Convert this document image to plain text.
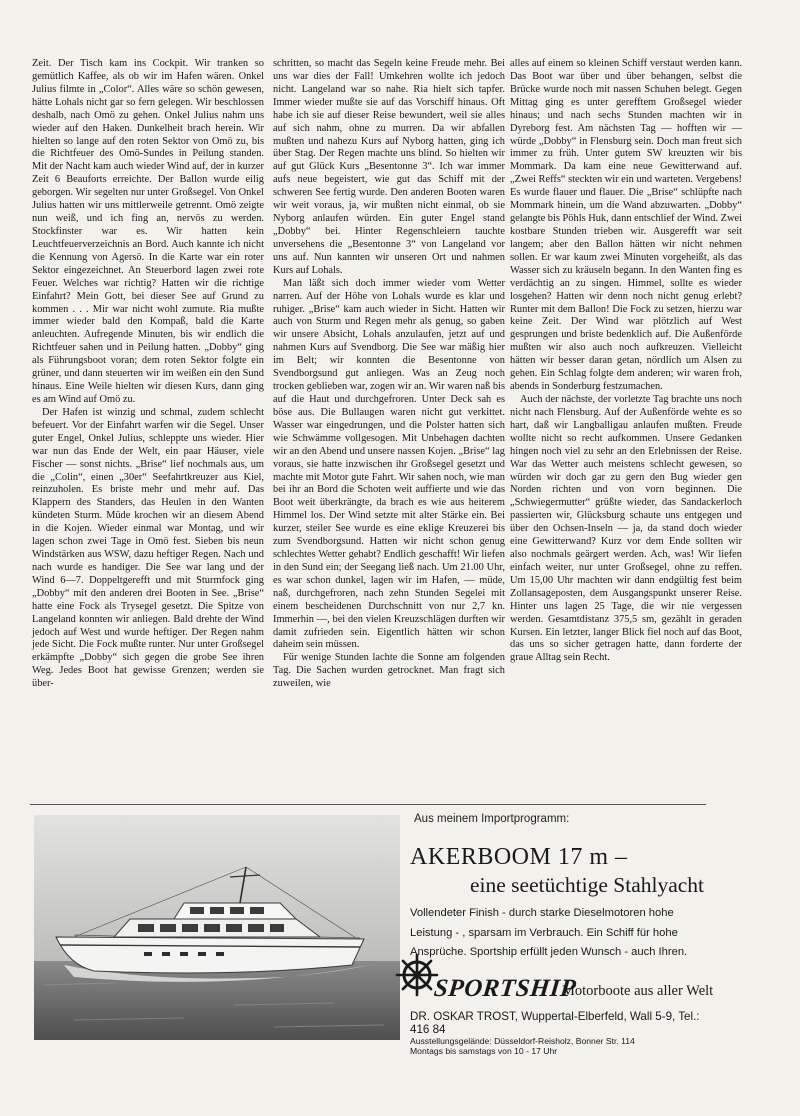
Zeit. Der Tisch kam ins Cockpit. Wir tranken so gemütlich Kaffee, als ob wir im Hafen wären. Onkel Julius filmte in „Color“. Alles wäre so schön gewesen, hätte Lohals nicht gar so fern gelegen. Wir beschlossen deshalb, nach Omö zu gehen. Onkel Julius nahm uns wieder auf den Haken. Dunkelheit brach herein. Wir hielten so lange auf den roten Sektor von Omö zu, bis die Richtfeuer des Omö-Sundes in Peilung standen. Mit der Nacht kam auch wieder Wind auf, der in kurzer Zeit 6 Beauforts erreichte. Der Ballon wurde eilig geborgen. Wir segelten nur unter Großsegel. Von Onkel Julius hatten wir uns mittlerweile getrennt. Omö zeigte nun weiß, und ich fing an, nervös zu werden. Stockfinster war es. Wir hatten kein Leuchtfeuerverzeichnis an Bord. Auch kannte ich nicht die Kennung von Agersö. In die Karte war ein roter Sektor eingezeichnet. An Steuerbord lagen zwei rote Feuer. Welches war richtig? Hatten wir die richtige Einfahrt? Mein Gott, bei dieser See auf Grund zu kommen . . . Mir war nicht wohl zumute. Ria mußte immer wieder bald den Kompaß, bald die Karte anleuchten. Aufregende Minuten, bis wir endlich die Richtfeuer sahen und in Peilung hatten. „Dobby“ ging als Führungsboot voran; dem roten Sektor folgte ein grüner, und dann steuerten wir im weißen ein den Sund hinaus. Eine Weile hielten wir diesen Kurs, dann ging es am Wind auf Omö zu.

Der Hafen ist winzig und schmal, zudem schlecht befeuert. Vor der Einfahrt warfen wir die Segel. Unser guter Engel, Onkel Julius, schleppte uns wieder. Hier war nun das Ende der Welt, ein paar Häuser, viele Fischer — sonst nichts. „Brise“ lief nochmals aus, um die „Colin“, einen „30er“ Seefahrtkreuzer aus Kiel, reinzuholen. Es briste mehr und mehr auf. Das Klappern des Standers, das Heulen in den Wanten kündeten Sturm. Müde krochen wir an diesem Abend in die Kojen. Wieder einmal war Montag, und wir lagen schon zwei Tage in Omö fest. Sieben bis neun Windstärken aus WSW, dazu heftiger Regen. Nach und nach wurde es handiger. Die See war lang und der Wind 6—7. Doppeltgerefft und mit Sturmfock ging „Dobby“ mit den anderen drei Booten in See. „Brise“ hatte eine Fock als Trysegel gesetzt. Die Spitze von Langeland konnten wir anliegen. Bald drehte der Wind jedoch auf West und wurde heftiger. Der Regen nahm jede Sicht. Die Fock mußte runter. Nur unter Großsegel erkämpfte „Dobby“ sich gegen die grobe See ihren Weg. Jedes Boot hat gewisse Grenzen; werden sie über-

schritten, so macht das Segeln keine Freude mehr. Bei uns war dies der Fall! Umkehren wollte ich jedoch nicht. Langeland war so nahe. Ria hielt sich tapfer. Immer wieder mußte sie auf das Vorschiff hinaus. Oft habe ich sie auf dieser Reise bewundert, weil sie alles auf sich nahm, ohne zu murren. Da wir abfallen mußten und nahezu Kurs auf Nyborg hatten, ging ich über Stag. Der Regen machte uns blind. So hielten wir auf gut Glück Kurs „Besentonne 3“. Ich war immer aufs neue begeistert, wie gut das Schiff mit der schweren See fertig wurde. Den anderen Booten waren wir weit voraus, ja, wir mußten nicht einmal, ob sie Nyborg anlaufen würden. Ein guter Engel stand „Dobby“ bei. Hinter Regenschleiern tauchte unversehens die „Besentonne 3“ von Langeland vor uns auf. Nun kannten wir unseren Ort und nahmen Kurs auf Lohals.

Man läßt sich doch immer wieder vom Wetter narren. Auf der Höhe von Lohals wurde es klar und ruhiger. „Brise“ kam auch wieder in Sicht. Hatten wir auch von Sturm und Regen mehr als genug, so gaben wir unsere Absicht, Lohals anzulaufen, jetzt auf und nahmen Kurs auf Svendborg. Die See war mäßig hier im Belt; wir konnten die Besentonne von Svendborgsund gut anliegen. Was an Zeug noch trocken geblieben war, zogen wir an. Wir waren naß bis auf die Haut und durchgefroren. Unter Deck sah es böse aus. Die Bullaugen waren nicht gut verkittet. Wasser war eingedrungen, und die Polster hatten sich wie Schwämme vollgesogen. Mit Unbehagen dachten wir an den Abend und unsere nassen Kojen. „Brise“ lag voraus, sie hatte inzwischen ihr Großsegel gesetzt und machte mit Motor gute Fahrt. Wir sahen noch, wie man bei ihr an Bord die Schoten weit auffierte und wie das Boot weit überkrängte, da brach es wie aus heiterem Himmel los. Der Wind setzte mit alter Stärke ein. Bei kurzer, steiler See wurde es eine eklige Kreuzerei bis zum Svendborgsund. Hatten wir nicht schon genug schlechtes Wetter gehabt? Endlich geschafft! Wir liefen in den Sund ein; der Seegang ließ nach. Um 21.00 Uhr, es war schon dunkel, lagen wir im Hafen, — müde, naß, durchgefroren, nach zehn Stunden Segelei mit einem bescheidenen Durchschnitt von nur 2,7 kn. Immerhin —, bei den vielen Kreuzschlägen durften wir damit zufrieden sein. Eigentlich hätten wir schon daheim sein müssen.

Für wenige Stunden lachte die Sonne am folgenden Tag. Die Sachen wurden getrocknet. Man fragt sich zuweilen, wie

alles auf einem so kleinen Schiff verstaut werden kann. Das Boot war über und über behangen, selbst die Brücke wurde noch mit nassen Schuhen belegt. Gegen Mittag ging es unter gerefftem Großsegel wieder hinaus; und nach sechs Stunden machten wir in Dyreborg fest. Am nächsten Tag — hofften wir — würde „Dobby“ in Flensburg sein. Doch man freut sich immer zu früh. Unter gutem SW kreuzten wir bis Mommark. Da kam eine neue Gewitterwand auf. „Zwei Reffs“ steckten wir ein und warteten. Vergebens! Es wurde flauer und flauer. Die „Brise“ schlüpfte nach Mommark hinein, um die Wand abzuwarten. „Dobby“ gelangte bis Pöhls Huk, dann entschlief der Wind. Zwei kostbare Stunden trieben wir. Ausgerefft war seit langem; aber den Ballon hätten wir nicht nehmen sollen. Er war kaum zwei Minuten vorgeheißt, als das Wasser sich zu kräuseln begann. In den Wanten fing es verdächtig an zu singen. Himmel, sollte es wieder losgehen? Hatten wir denn noch nicht genug erlebt? Runter mit dem Ballon! Die Fock zu setzen, hierzu war keine Zeit. Der Wind war plötzlich auf West gesprungen und briste bedenklich auf. Die Außenförde mußten wir also auch noch aufkreuzen. Vielleicht hätten wir besser daran getan, nördlich um Alsen zu gehen. Ein Schlag folgte dem anderen; wir waren froh, abends in Sonderburg festzumachen.

Auch der nächste, der vorletzte Tag brachte uns noch nicht nach Flensburg. Auf der Außenförde wehte es so hart, daß wir Langballigau anlaufen mußten. Freude wollte nicht so recht aufkommen. Unsere Gedanken hingen noch viel zu sehr an den Erlebnissen der Reise. War das Wetter auch meistens schlecht gewesen, so würden wir doch gar zu gern den Bug wieder gen Norden richten und von vorn beginnen. Die „Schwiegermutter“ grüßte wieder, das Sandackerloch passierten wir, Glücksburg schaute uns entgegen und über den Ochsen-Inseln — ja, da stand doch wieder eine Gewitterwand? Kurz vor dem Ende sollten wir also nochmals geärgert werden. Ach, was! Wir liefen einfach weiter, nur unter Großsegel, ohne zu reffen. Um 15,00 Uhr machten wir dann endgültig fest beim Zollansageposten, dem Ausgangspunkt unserer Reise. Hinter uns lagen 25 Tage, die wir nie vergessen werden. Gesamtdistanz 375,5 sm, gezählt in geraden Kursen. Ein letzter, langer Blick fiel noch auf das Boot, das uns so sicher getragen hatte, dann forderte der graue Alltag sein Recht.

Aus meinem Importprogramm:
AKERBOOM 17 m –
eine seetüchtige Stahlyacht
Vollendeter Finish - durch starke Dieselmotoren hohe
Leistung - , sparsam im Verbrauch. Ein Schiff für hohe
Ansprüche. Sportship erfüllt jeden Wunsch - auch Ihren.
SPORTSHIP
Motorboote aus aller Welt
DR. OSKAR TROST, Wuppertal-Elberfeld, Wall 5-9, Tel.: 416 84
Ausstellungsgelände: Düsseldorf-Reisholz, Bonner Str. 114
Montags bis samstags von 10 - 17 Uhr
